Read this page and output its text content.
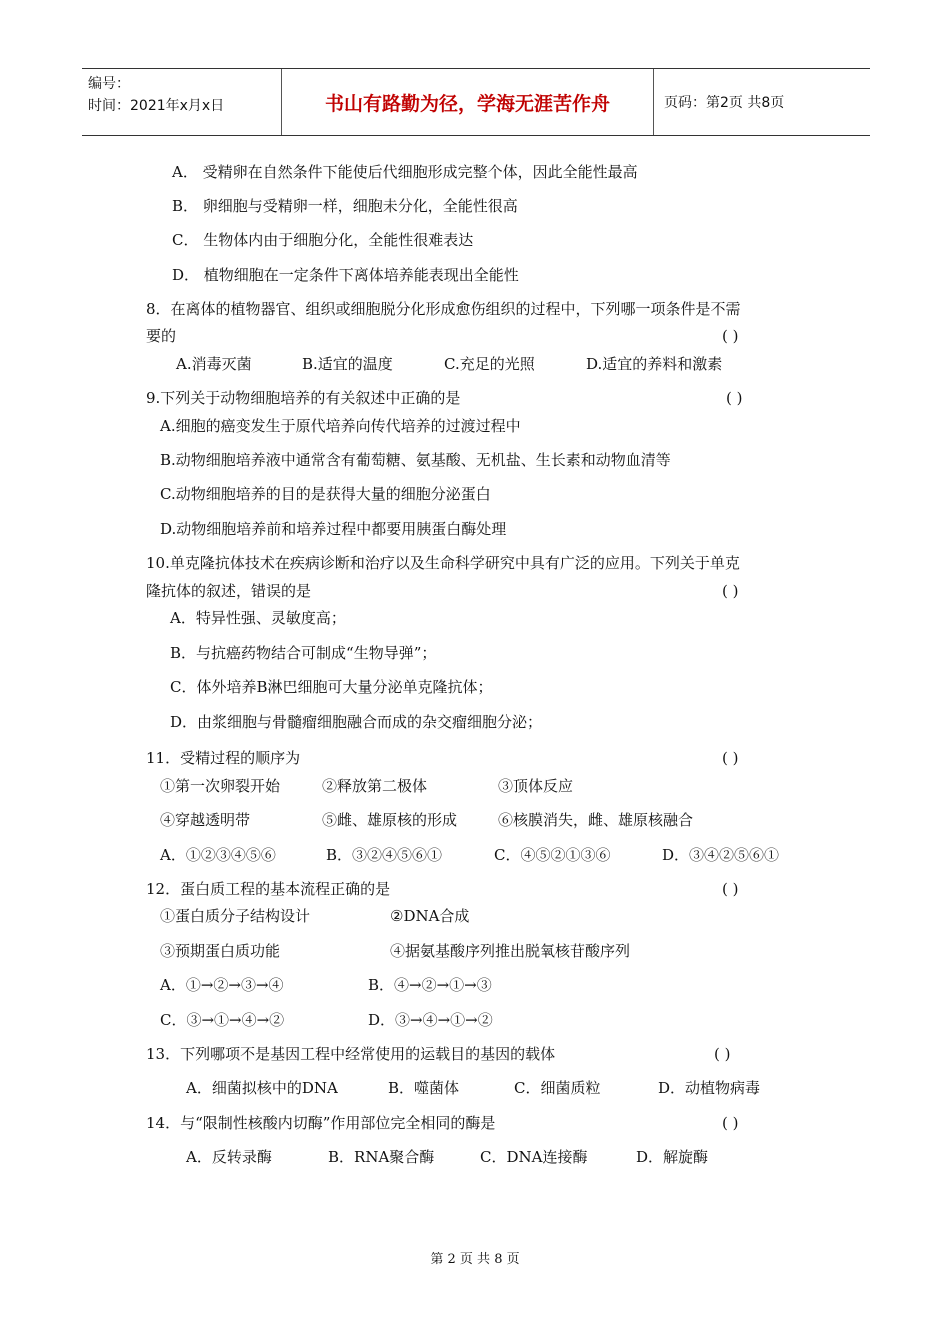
编号：
时间：2021年x月x日	书山有路勤为径，学海无涯苦作舟	页码：第2页 共8页
A． 受精卵在自然条件下能使后代细胞形成完整个体，因此全能性最高
B． 卵细胞与受精卵一样，细胞未分化，全能性很高
C． 生物体内由于细胞分化，全能性很难表达
D． 植物细胞在一定条件下离体培养能表现出全能性
8．在离体的植物器官、组织或细胞脱分化形成愈伤组织的过程中，下列哪一项条件是不需
要的	( )
A.消毒灭菌	B.适宜的温度	C.充足的光照	D.适宜的养料和激素
9.下列关于动物细胞培养的有关叙述中正确的是	( )
A.细胞的癌变发生于原代培养向传代培养的过渡过程中
B.动物细胞培养液中通常含有葡萄糖、氨基酸、无机盐、生长素和动物血清等
C.动物细胞培养的目的是获得大量的细胞分泌蛋白
D.动物细胞培养前和培养过程中都要用胰蛋白酶处理
10.单克隆抗体技术在疾病诊断和治疗以及生命科学研究中具有广泛的应用。下列关于单克
隆抗体的叙述，错误的是	( )
A．特异性强、灵敏度高；
B．与抗癌药物结合可制成“生物导弹”；
C．体外培养B淋巴细胞可大量分泌单克隆抗体；
D．由浆细胞与骨髓瘤细胞融合而成的杂交瘤细胞分泌；
11．受精过程的顺序为	( )
①第一次卵裂开始	②释放第二极体	③顶体反应
④穿越透明带	⑤雌、雄原核的形成	⑥核膜消失，雌、雄原核融合
A．①②③④⑤⑥	B．③②④⑤⑥①	C．④⑤②①③⑥	D．③④②⑤⑥①
12．蛋白质工程的基本流程正确的是	( )
①蛋白质分子结构设计	②DNA合成
③预期蛋白质功能	④据氨基酸序列推出脱氧核苷酸序列
A．①→②→③→④	B．④→②→①→③
C．③→①→④→②	D．③→④→①→②
13．下列哪项不是基因工程中经常使用的运载目的基因的载体	( )
A．细菌拟核中的DNA	B．噬菌体	C．细菌质粒	D．动植物病毒
14．与“限制性核酸内切酶”作用部位完全相同的酶是	( )
A．反转录酶	B．RNA聚合酶	C．DNA连接酶	D．解旋酶
第 2 页 共 8 页
